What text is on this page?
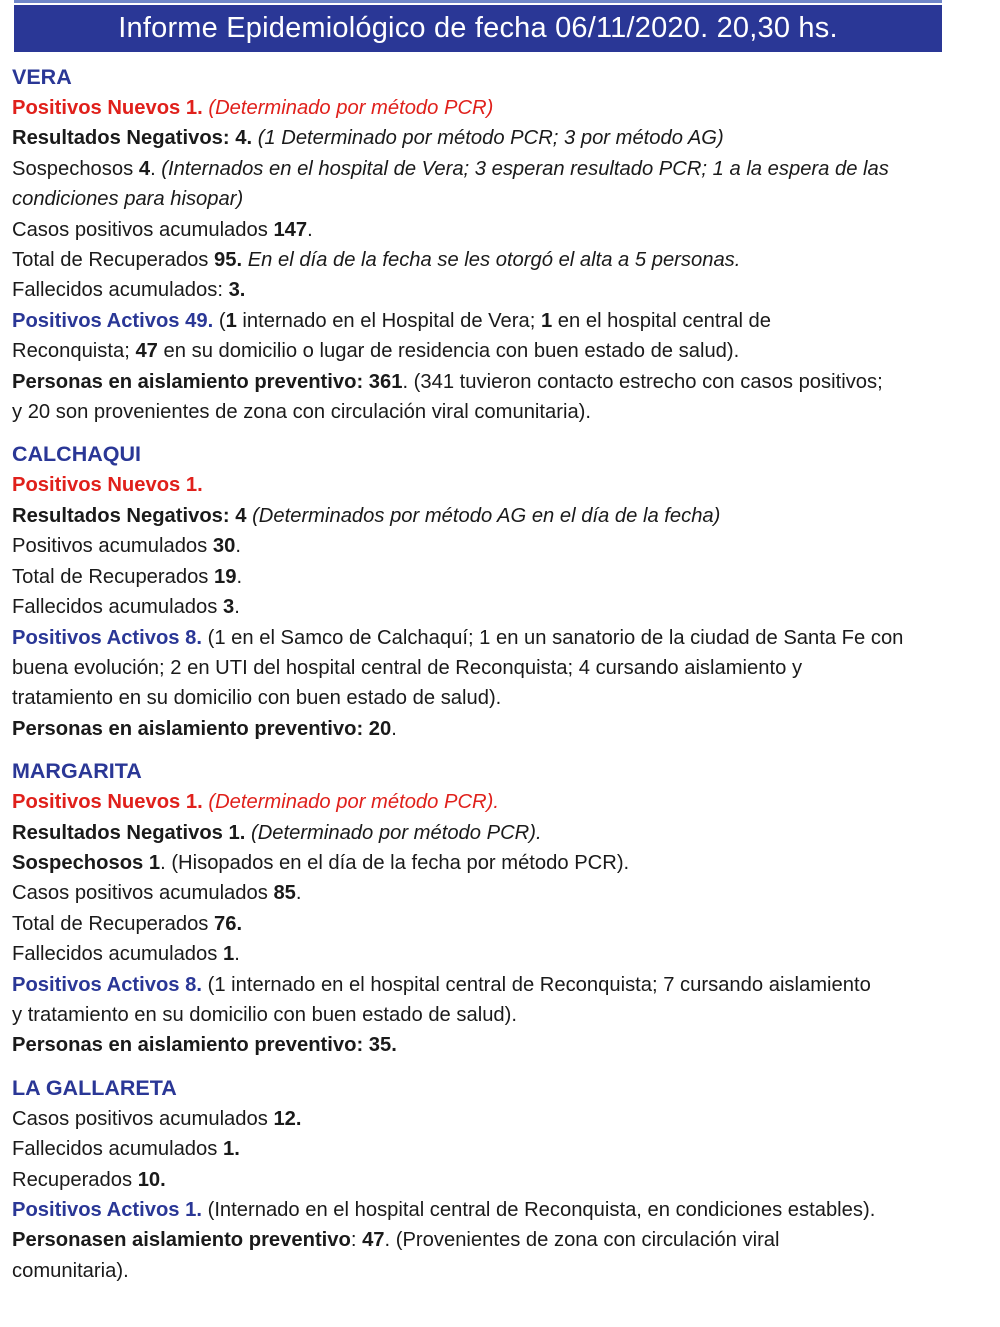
Informe Epidemiológico de fecha 06/11/2020. 20,30 hs.
VERA
Positivos Nuevos 1. (Determinado por método PCR)
Resultados Negativos: 4. (1 Determinado por método PCR; 3 por método AG)
Sospechosos 4. (Internados en el hospital de Vera; 3 esperan resultado PCR; 1 a la espera de las
condiciones para hisopar)
Casos positivos acumulados 147.
Total de Recuperados 95. En el día de la fecha se les otorgó el alta a 5 personas.
Fallecidos acumulados: 3.
Positivos Activos 49. (1 internado en el Hospital de Vera; 1 en el hospital central de
Reconquista; 47 en su domicilio o lugar de residencia con buen estado de salud).
Personas en aislamiento preventivo: 361. (341 tuvieron contacto estrecho con casos positivos;
y 20 son provenientes de zona con circulación viral comunitaria).
CALCHAQUI
Positivos Nuevos 1.
Resultados Negativos: 4 (Determinados por método AG en el día de la fecha)
Positivos acumulados 30.
Total de Recuperados 19.
Fallecidos acumulados 3.
Positivos Activos 8. (1 en el Samco de Calchaquí; 1 en un sanatorio de la ciudad de Santa Fe con
buena evolución; 2 en UTI del hospital central de Reconquista; 4 cursando aislamiento y
tratamiento en su domicilio con buen estado de salud).
Personas en aislamiento preventivo: 20.
MARGARITA
Positivos Nuevos 1. (Determinado por método PCR).
Resultados Negativos 1. (Determinado por método PCR).
Sospechosos 1. (Hisopados en el día de la fecha por método PCR).
Casos positivos acumulados 85.
Total de Recuperados 76.
Fallecidos acumulados 1.
Positivos Activos 8. (1 internado en el hospital central de Reconquista; 7 cursando aislamiento
y tratamiento en su domicilio con buen estado de salud).
Personas en aislamiento preventivo: 35.
LA GALLARETA
Casos positivos acumulados 12.
Fallecidos acumulados 1.
Recuperados 10.
Positivos Activos 1. (Internado en el hospital central de Reconquista, en condiciones estables).
Personasen aislamiento preventivo: 47. (Provenientes de zona con circulación viral
comunitaria).
